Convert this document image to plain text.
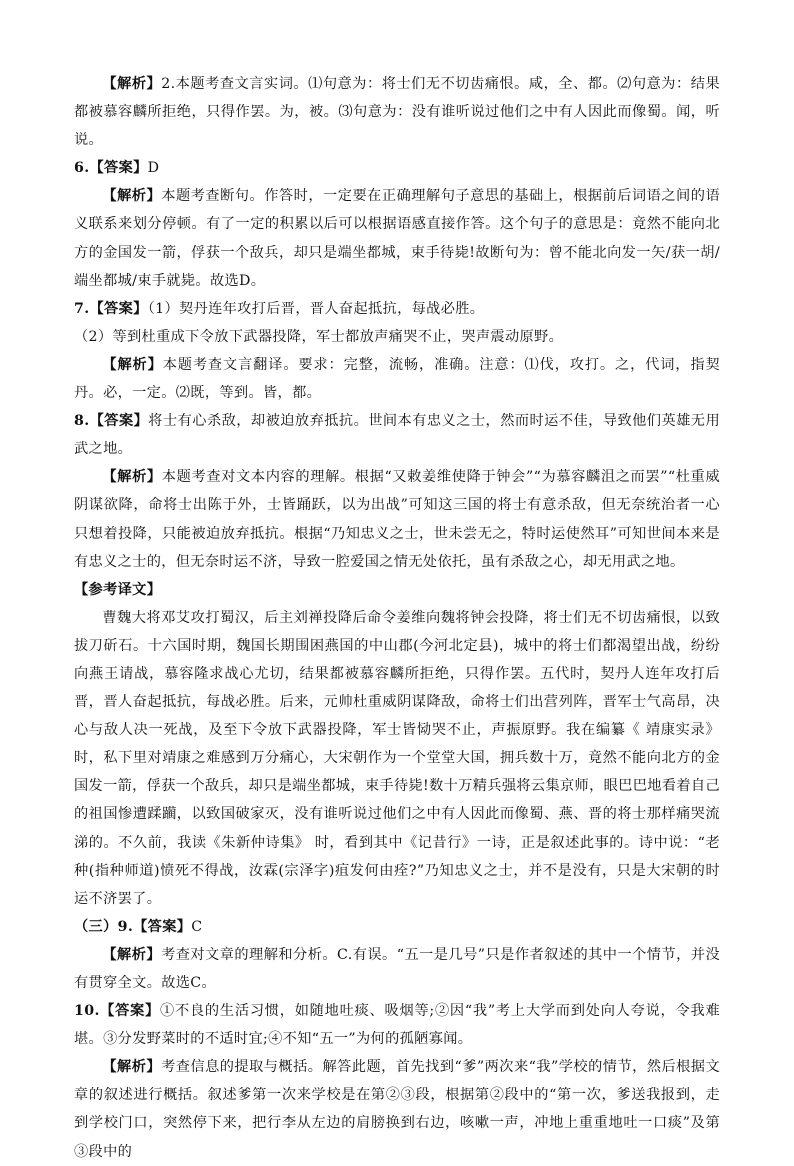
【解析】2.本题考查文言实词。⑴句意为：将士们无不切齿痛恨。咸，全、都。⑵句意为：结果都被慕容麟所拒绝，只得作罢。为，被。⑶句意为：没有谁听说过他们之中有人因此而像蜀。闻，听说。

6.【答案】D

【解析】本题考查断句。作答时，一定要在正确理解句子意思的基础上，根据前后词语之间的语义联系来划分停顿。有了一定的积累以后可以根据语感直接作答。这个句子的意思是：竟然不能向北方的金国发一箭，俘获一个敌兵，却只是端坐都城，束手待毙!故断句为：曾不能北向发一矢/获一胡/端坐都城/束手就毙。故选D。

7.【答案】（1）契丹连年攻打后晋，晋人奋起抵抗，每战必胜。

（2）等到杜重成下令放下武器投降，军士都放声痛哭不止，哭声震动原野。

【解析】本题考查文言翻译。要求：完整，流畅，准确。注意：⑴伐，攻打。之，代词，指契丹。必，一定。⑵既，等到。皆，都。

8.【答案】将士有心杀敌，却被迫放弃抵抗。世间本有忠义之士，然而时运不佳，导致他们英雄无用武之地。

【解析】本题考查对文本内容的理解。根据“又敕姜维使降于钟会”“为慕容麟沮之而罢”“杜重威阴谋欲降，命将士出陈于外，士皆踊跃，以为出战”可知这三国的将士有意杀敌，但无奈统治者一心只想着投降，只能被迫放弃抵抗。根据“乃知忠义之士，世未尝无之，特时运使然耳”可知世间本来是有忠义之士的，但无奈时运不济，导致一腔爱国之情无处依托，虽有杀敌之心，却无用武之地。

【参考译文】

曹魏大将邓艾攻打蜀汉，后主刘禅投降后命令姜维向魏将钟会投降，将士们无不切齿痛恨，以致拔刀斫石。十六国时期，魏国长期围困燕国的中山郡(今河北定县)，城中的将士们都渴望出战，纷纷向燕王请战，慕容隆求战心尤切，结果都被慕容麟所拒绝，只得作罢。五代时，契丹人连年攻打后晋，晋人奋起抵抗，每战必胜。后来，元帅杜重威阴谋降敌，命将士们出营列阵，晋军士气高昂，决心与敌人决一死战，及至下令放下武器投降，军士皆恸哭不止，声振原野。我在编纂《 靖康实录》时，私下里对靖康之难感到万分痛心，大宋朝作为一个堂堂大国，拥兵数十万，竟然不能向北方的金国发一箭，俘获一个敌兵，却只是端坐都城，束手待毙!数十万精兵强将云集京师，眼巴巴地看着自己的祖国惨遭蹂躏，以致国破家灭，没有谁听说过他们之中有人因此而像蜀、燕、晋的将士那样痛哭流涕的。不久前，我读《朱新仲诗集》 时，看到其中《记昔行》一诗，正是叙述此事的。诗中说：“老种(指种师道)愤死不得战，汝霖(宗泽字)疽发何由痊?”乃知忠义之士，并不是没有，只是大宋朝的时运不济罢了。

（三）9.【答案】C

【解析】考查对文章的理解和分析。C.有误。“五一是几号”只是作者叙述的其中一个情节，并没有贯穿全文。故选C。

10.【答案】①不良的生活习惯，如随地吐痰、吸烟等;②因“我”考上大学而到处向人夸说，令我难堪。③分发野菜时的不适时宜;④不知“五一”为何的孤陋寡闻。

【解析】考查信息的提取与概括。解答此题，首先找到“爹”两次来“我”学校的情节，然后根据文章的叙述进行概括。叙述爹第一次来学校是在第②③段，根据第②段中的“第一次，爹送我报到，走到学校门口，突然停下来，把行李从左边的肩膀换到右边，咳嗽一声，冲地上重重地吐一口痰”及第③段中的
